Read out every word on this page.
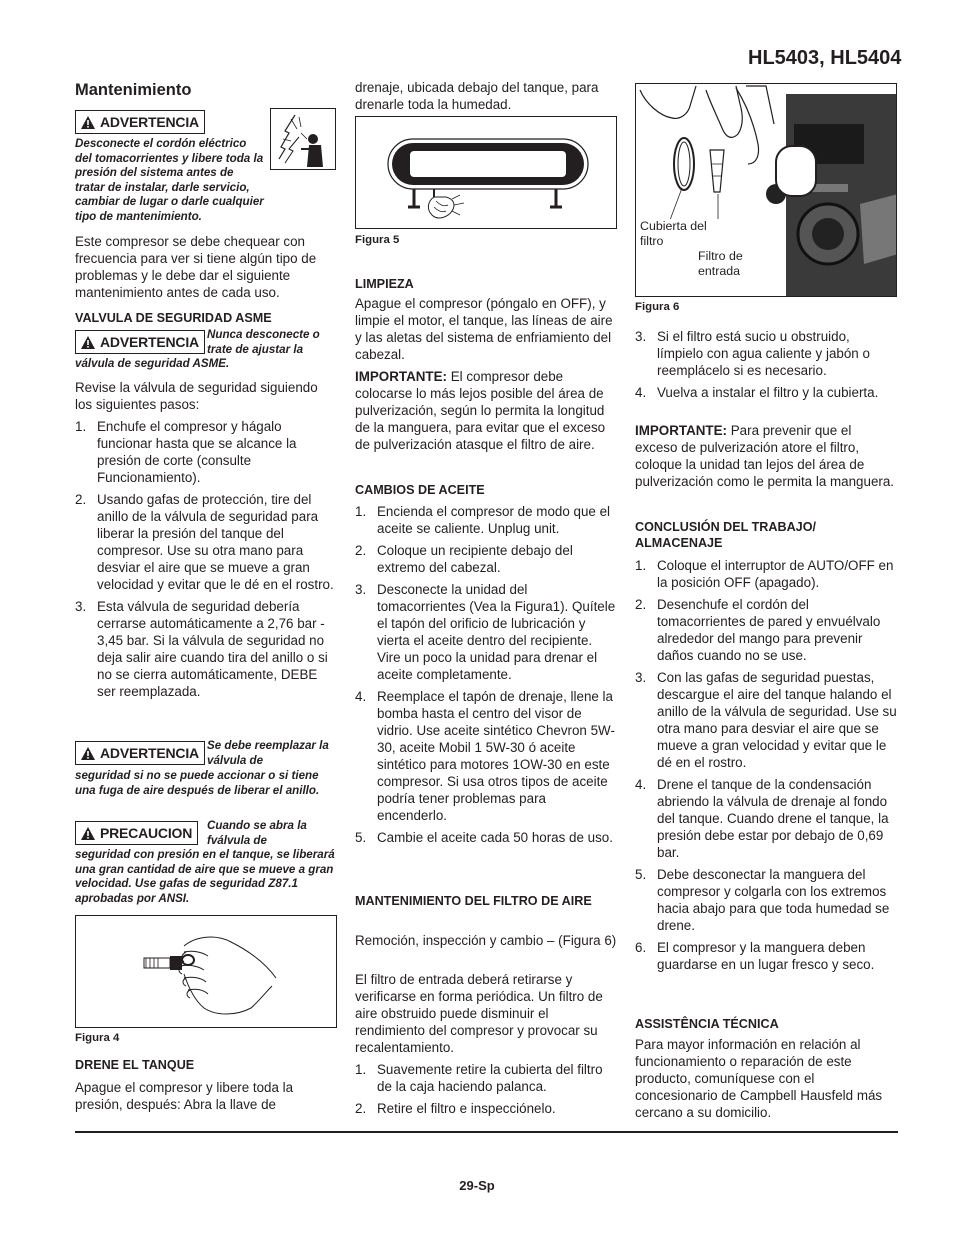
HL5403, HL5404
Mantenimiento
ADVERTENCIA
Desconecte el cordón eléctrico del tomacorrientes y libere toda la presión del sistema antes de tratar de instalar, darle servicio, cambiar de lugar o darle cualquier tipo de mantenimiento.

Este compresor se debe chequear con frecuencia para ver si tiene algún tipo de problemas y le debe dar el siguiente mantenimiento antes de cada uso.

VALVULA DE SEGURIDAD ASME
ADVERTENCIA Nunca desconecte o trate de ajustar la
válvula de seguridad ASME.

Revise la válvula de seguridad siguiendo los siguientes pasos:

1. Enchufe el compresor y hágalo funcionar hasta que se alcance la presión de corte (consulte Funcionamiento).
2. Usando gafas de protección, tire del anillo de la válvula de seguridad para liberar la presión del tanque del compresor. Use su otra mano para desviar el aire que se mueve a gran velocidad y evitar que le dé en el rostro.
3. Esta válvula de seguridad debería cerrarse automáticamente a 2,76 bar - 3,45 bar. Si la válvula de seguridad no deja salir aire cuando tira del anillo o si no se cierra automáticamente, DEBE ser reemplazada.
ADVERTENCIA Se debe reemplazar la válvula de
seguridad si no se puede accionar o si tiene una fuga de aire después de liberar el anillo.
PRECAUCION Cuando se abra la fválvula de
seguridad con presión en el tanque, se liberará una gran cantidad de aire que se mueve a gran velocidad. Use gafas de seguridad Z87.1 aprobadas por ANSI.
Figura 4
DRENE EL TANQUE

Apague el compresor y libere toda la presión, después: Abra la llave de

drenaje, ubicada debajo del tanque, para drenarle toda la humedad.

Figura 5
LIMPIEZA

Apague el compresor (póngalo en OFF), y limpie el motor, el tanque, las líneas de aire y las aletas del sistema de enfriamiento del cabezal.

IMPORTANTE: El compresor debe colocarse lo más lejos posible del área de pulverización, según lo permita la longitud de la manguera, para evitar que el exceso de pulverización atasque el filtro de aire.

CAMBIOS DE ACEITE
1. Encienda el compresor de modo que el aceite se caliente. Unplug unit.
2. Coloque un recipiente debajo del extremo del cabezal.
3. Desconecte la unidad del tomacorrientes (Vea la Figura1). Quítele el tapón del orificio de lubricación y vierta el aceite dentro del recipiente. Vire un poco la unidad para drenar el aceite completamente.
4. Reemplace el tapón de drenaje, llene la bomba hasta el centro del visor de vidrio. Use aceite sintético Chevron 5W-30, aceite Mobil 1 5W-30 ó aceite sintético para motores 1OW-30 en este compresor. Si usa otros tipos de aceite podría tener problemas para encenderlo.
5. Cambie el aceite cada 50 horas de uso.
MANTENIMIENTO DEL FILTRO DE AIRE

Remoción, inspección y cambio – (Figura 6)

El filtro de entrada deberá retirarse y verificarse en forma periódica. Un filtro de aire obstruido puede disminuir el rendimiento del compresor y provocar su recalentamiento.

1. Suavemente retire la cubierta del filtro de la caja haciendo palanca.
2. Retire el filtro e inspecciónelo.
Cubierta del filtro
Filtro de entrada
Figura 6
3. Si el filtro está sucio u obstruido, límpielo con agua caliente y jabón o reemplácelo si es necesario.
4. Vuelva a instalar el filtro y la cubierta.

IMPORTANTE: Para prevenir que el exceso de pulverización atore el filtro, coloque la unidad tan lejos del área de pulverización como le permita la manguera.

CONCLUSIÓN DEL TRABAJO/ ALMACENAJE
1. Coloque el interruptor de AUTO/OFF en la posición OFF (apagado).
2. Desenchufe el cordón del tomacorrientes de pared y envuélvalo alrededor del mango para prevenir daños cuando no se use.
3. Con las gafas de seguridad puestas, descargue el aire del tanque halando el anillo de la válvula de seguridad. Use su otra mano para desviar el aire que se mueve a gran velocidad y evitar que le dé en el rostro.
4. Drene el tanque de la condensación abriendo la válvula de drenaje al fondo del tanque. Cuando drene el tanque, la presión debe estar por debajo de 0,69 bar.
5. Debe desconectar la manguera del compresor y colgarla con los extremos hacia abajo para que toda humedad se drene.
6. El compresor y la manguera deben guardarse en un lugar fresco y seco.
ASSISTÊNCIA TÉCNICA

Para mayor información en relación al funcionamiento o reparación de este producto, comuníquese con el concesionario de Campbell Hausfeld más cercano a su domicilio.

29-Sp
